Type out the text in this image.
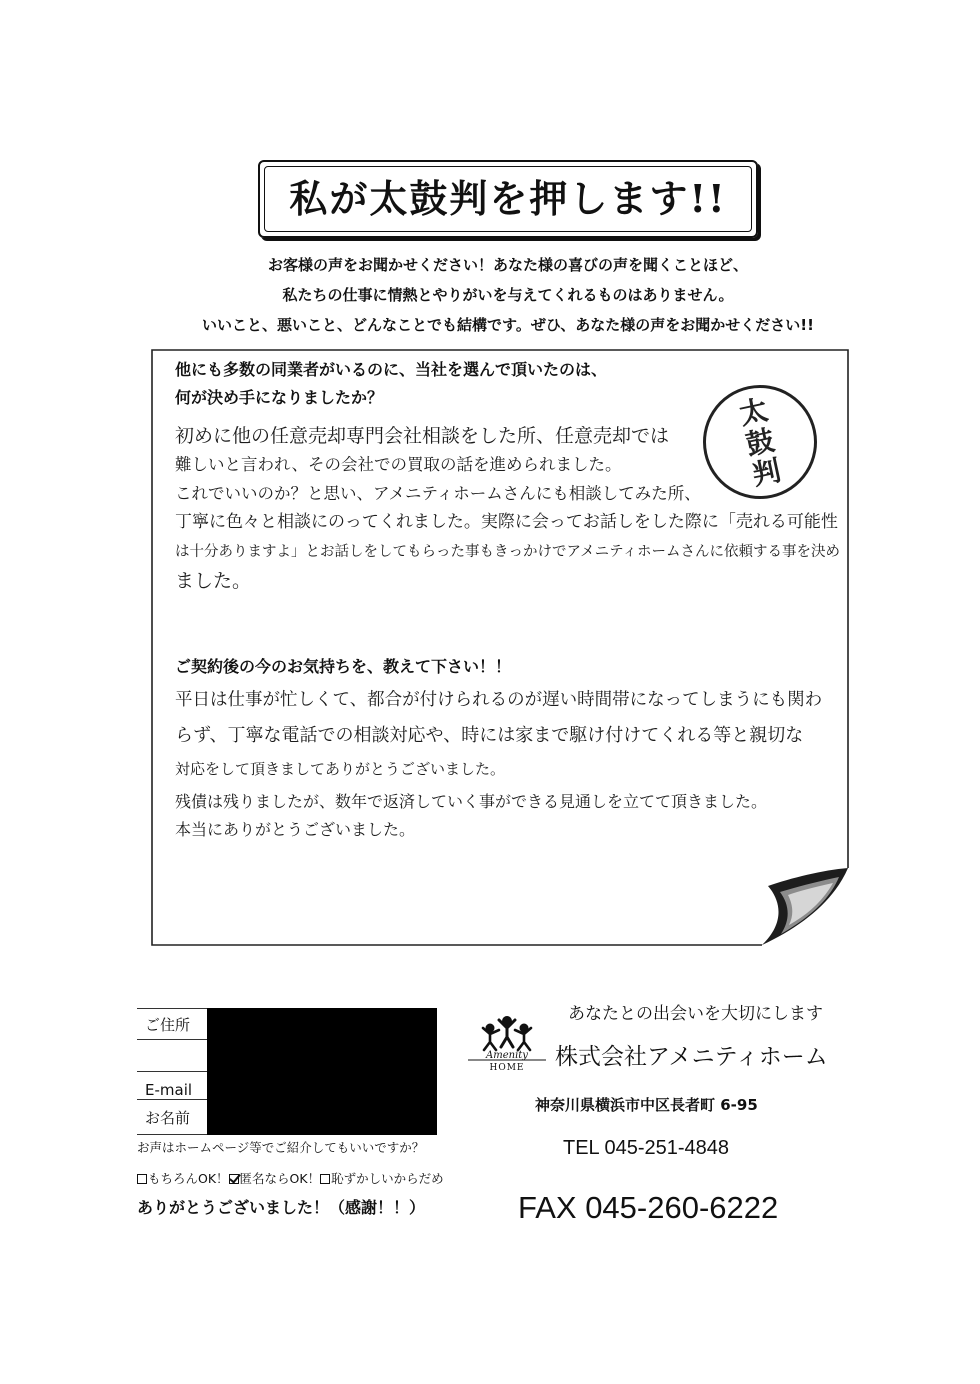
私が太鼓判を押します!!
お客様の声をお聞かせください！あなた様の喜びの声を聞くことほど、
私たちの仕事に情熱とやりがいを与えてくれるものはありません。
いいこと、悪いこと、どんなことでも結構です。ぜひ、あなた様の声をお聞かせください!!
他にも多数の同業者がいるのに、当社を選んで頂いたのは、
何が決め手になりましたか？	太
鼓
判
初めに他の任意売却専門会社相談をした所、任意売却では
難しいと言われ、その会社での買取の話を進められました。
これでいいのか？と思い、アメニティホームさんにも相談してみた所、
丁寧に色々と相談にのってくれました。実際に会ってお話しをした際に「売れる可能性
は十分ありますよ」とお話しをしてもらった事もきっかけでアメニティホームさんに依頼する事を決め
ました。
ご契約後の今のお気持ちを、教えて下さい！！
平日は仕事が忙しくて、都合が付けられるのが遅い時間帯になってしまうにも関わ
らず、丁寧な電話での相談対応や、時には家まで駆け付けてくれる等と親切な
対応をして頂きましてありがとうございました。
残債は残りましたが、数年で返済していく事ができる見通しを立てて頂きました。
本当にありがとうございました。
ご住所
E-mail
お名前
お声はホームページ等でご紹介してもいいですか？
もちろんOK！ 匿名ならOK！ 恥ずかしいからだめ
ありがとうございました！（感謝！！）
あなたとの出会いを大切にします
Amenity
HOME 株式会社アメニティホーム
神奈川県横浜市中区長者町 6-95
TEL 045-251-4848
FAX 045-260-6222
